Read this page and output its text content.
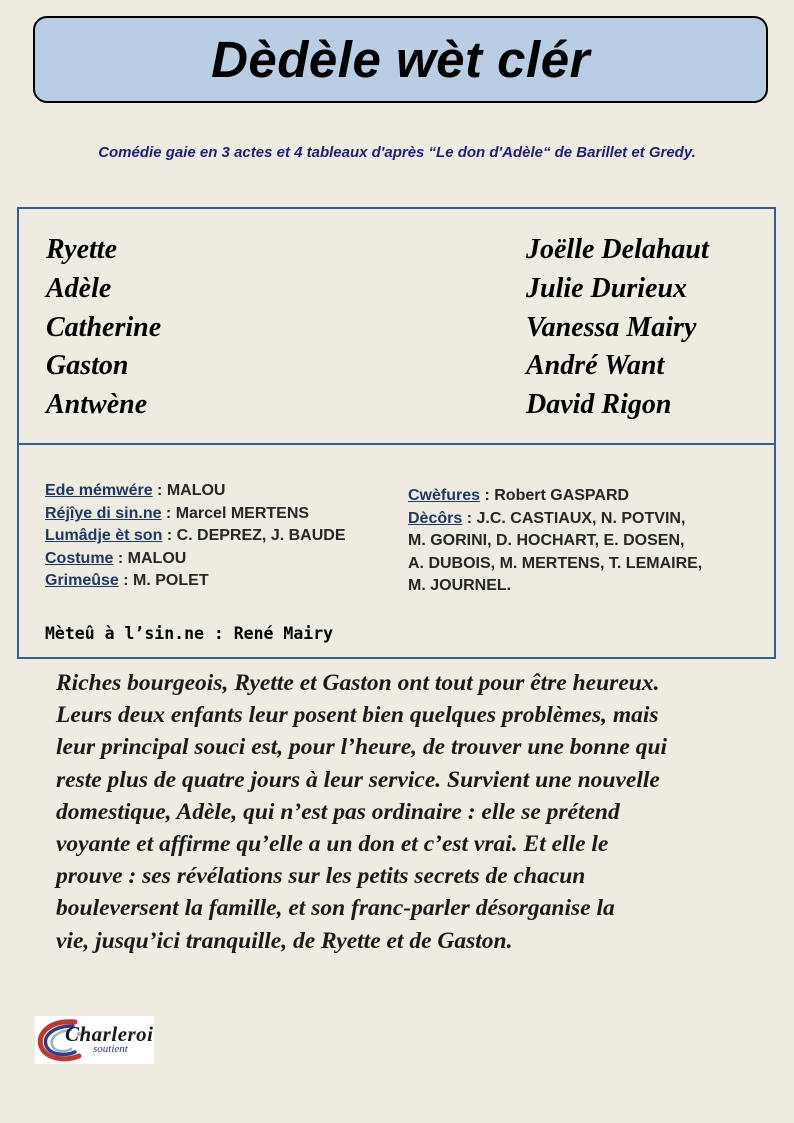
Dèdèle wèt clér
Comédie gaie en 3 actes et 4 tableaux d'après “Le don d'Adèle“ de Barillet et Gredy.
Ryette
Adèle
Catherine
Gaston
Antwène
Joëlle Delahaut
Julie Durieux
Vanessa Mairy
André Want
David Rigon
Ede mémwére : MALOU
Réjîye di sin.ne : Marcel MERTENS
Lumâdje èt son : C. DEPREZ, J. BAUDE
Costume : MALOU
Grimeûse : M. POLET
Cwèfures : Robert GASPARD
Dècôrs : J.C. CASTIAUX, N. POTVIN,
M. GORINI, D. HOCHART, E. DOSEN,
A. DUBOIS, M. MERTENS, T. LEMAIRE,
M. JOURNEL.
Mèteû à l’sin.ne : René Mairy
Riches bourgeois, Ryette et Gaston ont tout pour être heureux.
Leurs deux enfants leur posent bien quelques problèmes, mais
leur principal souci est, pour l’heure, de trouver une bonne qui
reste plus de quatre jours à leur service. Survient une nouvelle
domestique, Adèle, qui n’est pas ordinaire : elle se prétend
voyante et affirme qu’elle a un don et c’est vrai. Et elle le
prouve : ses révélations sur les petits secrets de chacun
bouleversent la famille, et son franc-parler désorganise la
vie, jusqu’ici tranquille, de Ryette et de Gaston.
Charleroi
soutient
